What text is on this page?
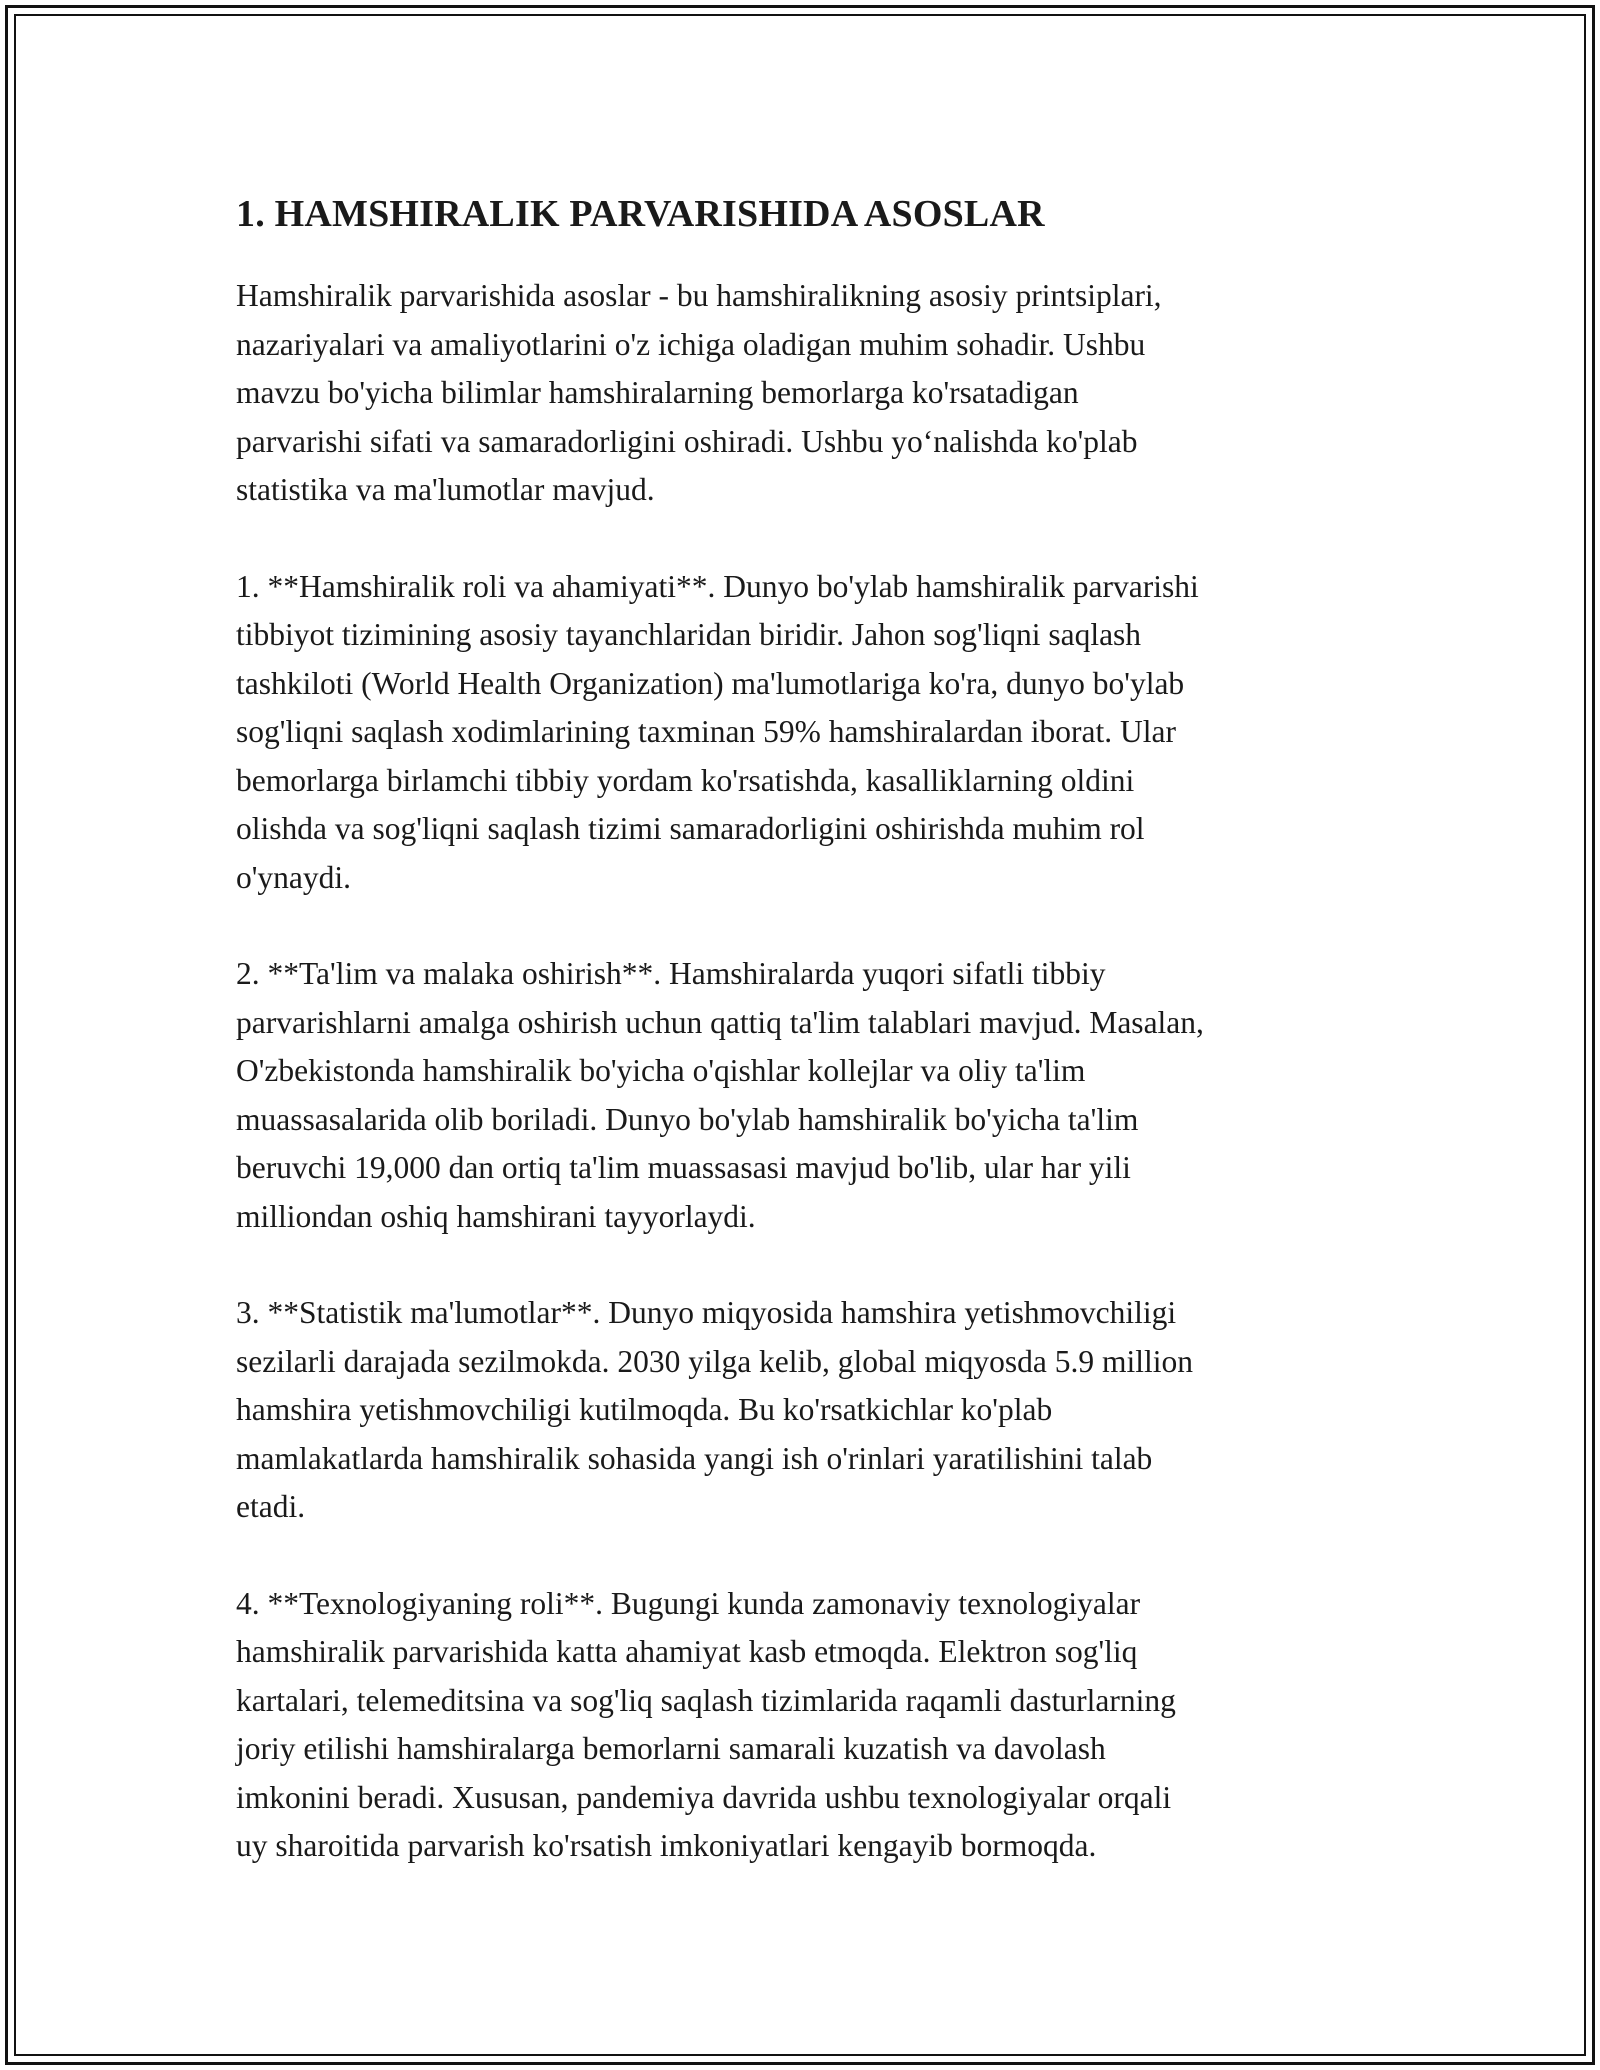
1. HAMSHIRALIK PARVARISHIDA ASOSLAR

Hamshiralik parvarishida asoslar - bu hamshiralikning asosiy printsiplari,
nazariyalari va amaliyotlarini o'z ichiga oladigan muhim sohadir. Ushbu
mavzu bo'yicha bilimlar hamshiralarning bemorlarga ko'rsatadigan
parvarishi sifati va samaradorligini oshiradi. Ushbu yo‘nalishda ko'plab
statistika va ma'lumotlar mavjud.

1. **Hamshiralik roli va ahamiyati**. Dunyo bo'ylab hamshiralik parvarishi
tibbiyot tizimining asosiy tayanchlaridan biridir. Jahon sog'liqni saqlash
tashkiloti (World Health Organization) ma'lumotlariga ko'ra, dunyo bo'ylab
sog'liqni saqlash xodimlarining taxminan 59% hamshiralardan iborat. Ular
bemorlarga birlamchi tibbiy yordam ko'rsatishda, kasalliklarning oldini
olishda va sog'liqni saqlash tizimi samaradorligini oshirishda muhim rol
o'ynaydi.

2. **Ta'lim va malaka oshirish**. Hamshiralarda yuqori sifatli tibbiy
parvarishlarni amalga oshirish uchun qattiq ta'lim talablari mavjud. Masalan,
O'zbekistonda hamshiralik bo'yicha o'qishlar kollejlar va oliy ta'lim
muassasalarida olib boriladi. Dunyo bo'ylab hamshiralik bo'yicha ta'lim
beruvchi 19,000 dan ortiq ta'lim muassasasi mavjud bo'lib, ular har yili
milliondan oshiq hamshirani tayyorlaydi.

3. **Statistik ma'lumotlar**. Dunyo miqyosida hamshira yetishmovchiligi
sezilarli darajada sezilmokda. 2030 yilga kelib, global miqyosda 5.9 million
hamshira yetishmovchiligi kutilmoqda. Bu ko'rsatkichlar ko'plab
mamlakatlarda hamshiralik sohasida yangi ish o'rinlari yaratilishini talab
etadi.

4. **Texnologiyaning roli**. Bugungi kunda zamonaviy texnologiyalar
hamshiralik parvarishida katta ahamiyat kasb etmoqda. Elektron sog'liq
kartalari, telemeditsina va sog'liq saqlash tizimlarida raqamli dasturlarning
joriy etilishi hamshiralarga bemorlarni samarali kuzatish va davolash
imkonini beradi. Xususan, pandemiya davrida ushbu texnologiyalar orqali
uy sharoitida parvarish ko'rsatish imkoniyatlari kengayib bormoqda.
